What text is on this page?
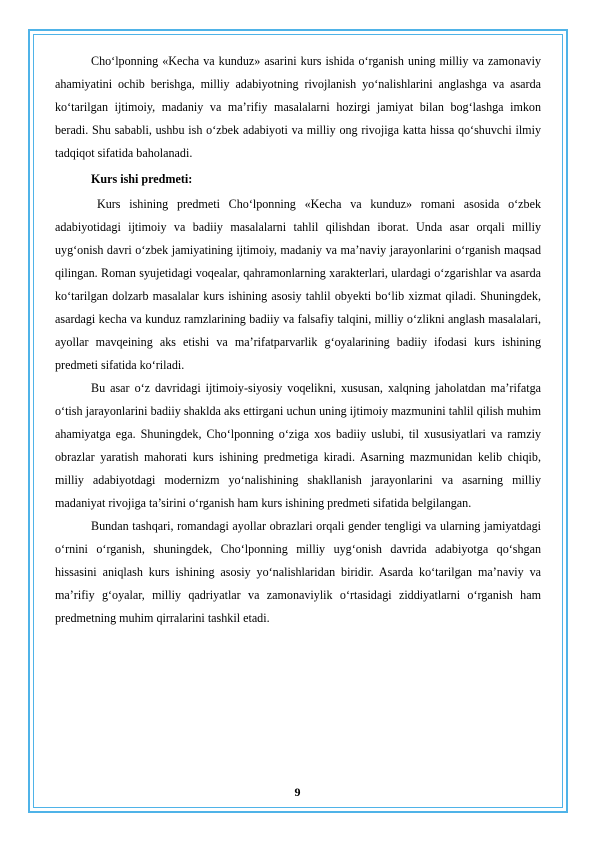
Cho‘lponning «Kecha va kunduz» asarini kurs ishida o‘rganish uning milliy va zamonaviy ahamiyatini ochib berishga, milliy adabiyotning rivojlanish yo‘nalishlarini anglashga va asarda ko‘tarilgan ijtimoiy, madaniy va ma’rifiy masalalarni hozirgi jamiyat bilan bog‘lashga imkon beradi. Shu sababli, ushbu ish o‘zbek adabiyoti va milliy ong rivojiga katta hissa qo‘shuvchi ilmiy tadqiqot sifatida baholanadi.

Kurs ishi predmeti:

Kurs ishining predmeti Cho‘lponning «Kecha va kunduz» romani asosida o‘zbek adabiyotidagi ijtimoiy va badiiy masalalarni tahlil qilishdan iborat. Unda asar orqali milliy uyg‘onish davri o‘zbek jamiyatining ijtimoiy, madaniy va ma’naviy jarayonlarini o‘rganish maqsad qilingan. Roman syujetidagi voqealar, qahramonlarning xarakterlari, ulardagi o‘zgarishlar va asarda ko‘tarilgan dolzarb masalalar kurs ishining asosiy tahlil obyekti bo‘lib xizmat qiladi. Shuningdek, asardagi kecha va kunduz ramzlarining badiiy va falsafiy talqini, milliy o‘zlikni anglash masalalari, ayollar mavqeining aks etishi va ma’rifatparvarlik g‘oyalarining badiiy ifodasi kurs ishining predmeti sifatida ko‘riladi.

Bu asar o‘z davridagi ijtimoiy-siyosiy voqelikni, xususan, xalqning jaholatdan ma’rifatga o‘tish jarayonlarini badiiy shaklda aks ettirgani uchun uning ijtimoiy mazmunini tahlil qilish muhim ahamiyatga ega. Shuningdek, Cho‘lponning o‘ziga xos badiiy uslubi, til xususiyatlari va ramziy obrazlar yaratish mahorati kurs ishining predmetiga kiradi. Asarning mazmunidan kelib chiqib, milliy adabiyotdagi modernizm yo‘nalishining shakllanish jarayonlarini va asarning milliy madaniyat rivojiga ta’sirini o‘rganish ham kurs ishining predmeti sifatida belgilangan.

Bundan tashqari, romandagi ayollar obrazlari orqali gender tengligi va ularning jamiyatdagi o‘rnini o‘rganish, shuningdek, Cho‘lponning milliy uyg‘onish davrida adabiyotga qo‘shgan hissasini aniqlash kurs ishining asosiy yo‘nalishlaridan biridir. Asarda ko‘tarilgan ma’naviy va ma’rifiy g‘oyalar, milliy qadriyatlar va zamonaviylik o‘rtasidagi ziddiyatlarni o‘rganish ham predmetning muhim qirralarini tashkil etadi.

9
